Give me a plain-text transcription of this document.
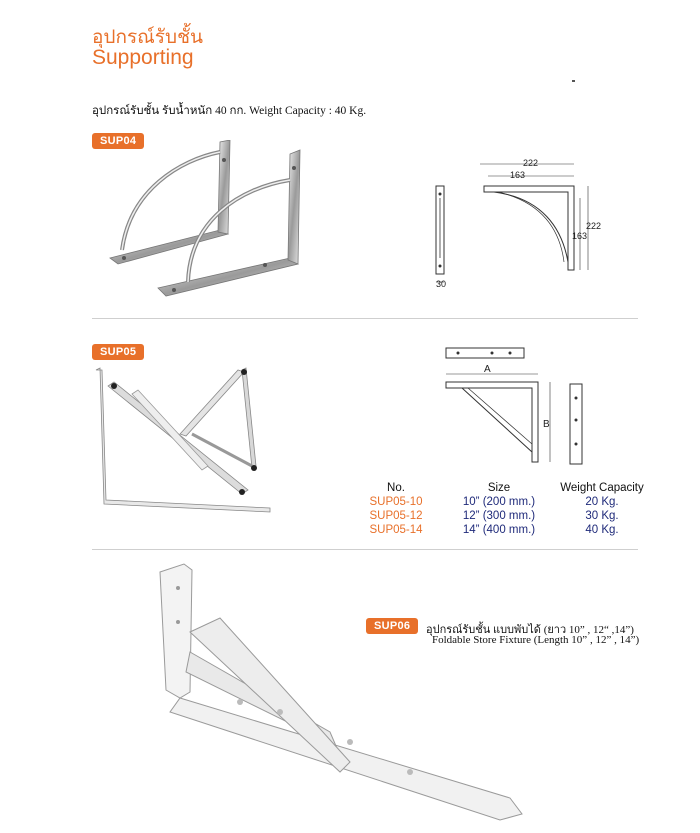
อุปกรณ์รับชั้น
Supporting
อุปกรณ์รับชั้น รับน้ำหนัก 40 กก. Weight Capacity : 40 Kg.
SUP04
222
163
222
163
30
SUP05
A
B
No.	Size	Weight Capacity
SUP05-10	10” (200 mm.)	20 Kg.
SUP05-12	12” (300 mm.)	30 Kg.
SUP05-14	14” (400 mm.)	40 Kg.
SUP06	อุปกรณ์รับชั้น แบบพับได้ (ยาว 10” , 12“ ,14”)
Foldable Store Fixture (Length 10” , 12” , 14”)
